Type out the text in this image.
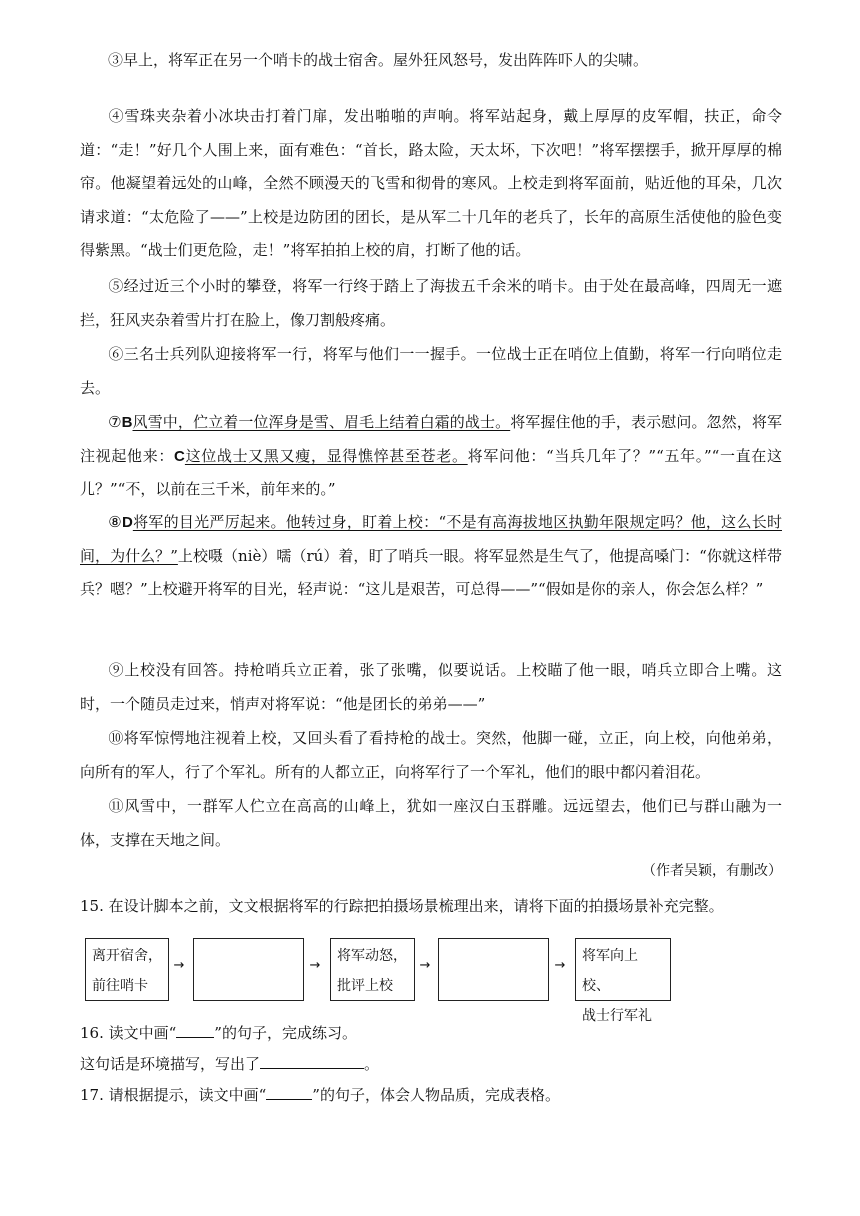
③早上，将军正在另一个哨卡的战士宿舍。屋外狂风怒号，发出阵阵吓人的尖啸。

④雪珠夹杂着小冰块击打着门扉，发出啪啪的声响。将军站起身，戴上厚厚的皮军帽，扶正，命令道：“走！”好几个人围上来，面有难色：“首长，路太险，天太坏，下次吧！”将军摆摆手，掀开厚厚的棉帘。他凝望着远处的山峰，全然不顾漫天的飞雪和彻骨的寒风。上校走到将军面前，贴近他的耳朵，几次请求道：“太危险了——”上校是边防团的团长，是从军二十几年的老兵了，长年的高原生活使他的脸色变得紫黑。“战士们更危险，走！”将军拍拍上校的肩，打断了他的话。

⑤经过近三个小时的攀登，将军一行终于踏上了海拔五千余米的哨卡。由于处在最高峰，四周无一遮拦，狂风夹杂着雪片打在脸上，像刀割般疼痛。

⑥三名士兵列队迎接将军一行，将军与他们一一握手。一位战士正在哨位上值勤，将军一行向哨位走去。

⑦B风雪中，伫立着一位浑身是雪、眉毛上结着白霜的战士。将军握住他的手，表示慰问。忽然，将军注视起他来：C这位战士又黑又瘦，显得憔悴甚至苍老。将军问他：“当兵几年了？”“五年。”“一直在这儿？”“不，以前在三千米，前年来的。”

⑧D将军的目光严厉起来。他转过身，盯着上校：“不是有高海拔地区执勤年限规定吗？他，这么长时间，为什么？”上校嗫（niè）嚅（rú）着，盯了哨兵一眼。将军显然是生气了，他提高嗓门：“你就这样带兵？嗯？”上校避开将军的目光，轻声说：“这儿是艰苦，可总得——”“假如是你的亲人，你会怎么样？”

⑨上校没有回答。持枪哨兵立正着，张了张嘴，似要说话。上校瞄了他一眼，哨兵立即合上嘴。这时，一个随员走过来，悄声对将军说：“他是团长的弟弟——”

⑩将军惊愕地注视着上校，又回头看了看持枪的战士。突然，他脚一碰，立正，向上校，向他弟弟，向所有的军人，行了个军礼。所有的人都立正，向将军行了一个军礼，他们的眼中都闪着泪花。

⑪风雪中，一群军人伫立在高高的山峰上，犹如一座汉白玉群雕。远远望去，他们已与群山融为一体，支撑在天地之间。

（作者吴颖，有删改）
15. 在设计脚本之前，文文根据将军的行踪把拍摄场景梳理出来，请将下面的拍摄场景补充完整。
离开宿舍，
前往哨卡
→	→
将军动怒，
批评上校
→	→
将军向上校、
战士行军礼
16. 读文中画“	”的句子，完成练习。
这句话是环境描写，写出了	。
17. 请根据提示，读文中画“	”的句子，体会人物品质，完成表格。
